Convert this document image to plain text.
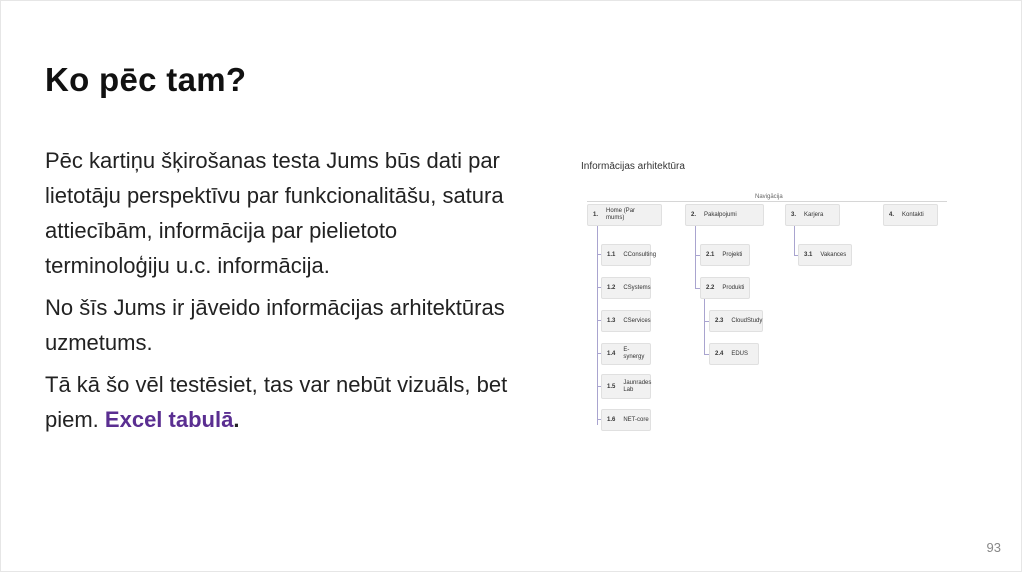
Ko pēc tam?

Pēc kartiņu šķirošanas testa Jums būs dati par lietotāju perspektīvu par funkcionalitāšu, satura attiecībām, informācija par pielietoto terminoloģiju u.c. informācija.

No šīs Jums ir jāveido informācijas arhitektūras uzmetums.

Tā kā šo vēl testēsiet, tas var nebūt vizuāls, bet piem. Excel tabulā.

Informācijas arhitektūra
Navigācija
1.
Home (Par mums)	2. Pakalpojumi	3. Karjera	4. Kontakti
1.1 CConsulting
1.2 CSystems
1.3 CServices
1.4
E-synergy
1.5
Jaunrades Lab
1.6 NET-core
2.1 Projekti
2.2 Produkti
2.3 CloudStudy
2.4 EDUS
3.1 Vakances
93
